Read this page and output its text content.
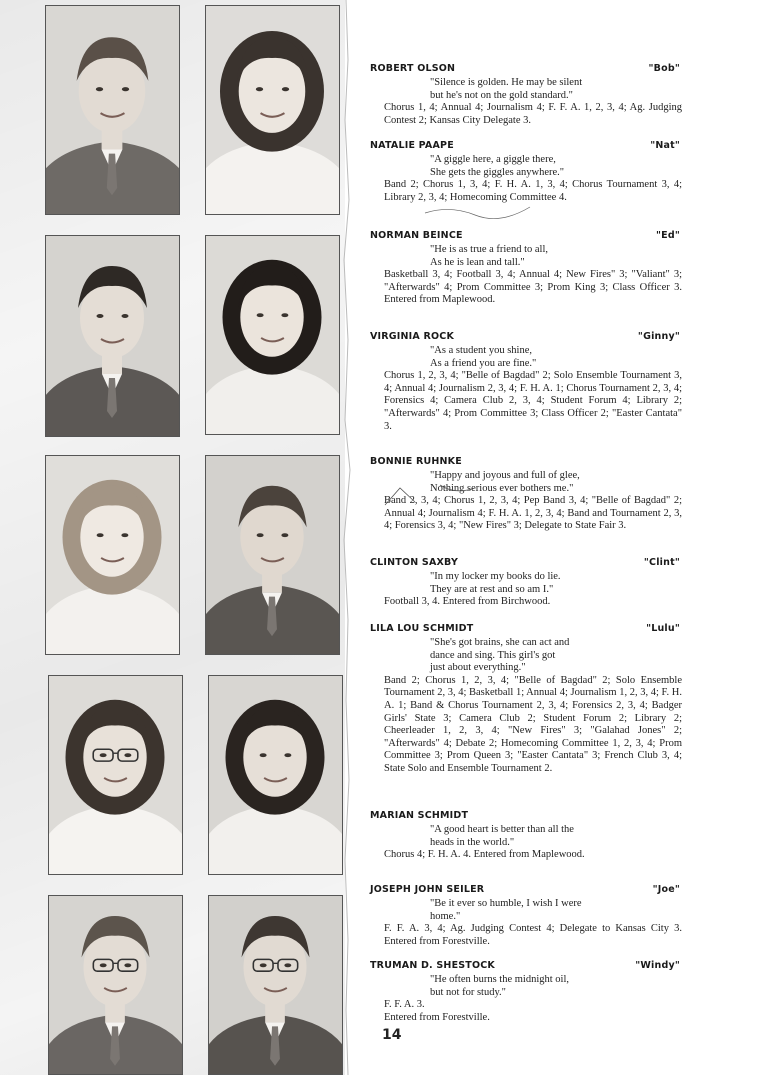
ROBERT OLSON	"Bob"
"Silence is golden. He may be silent
but he's not on the gold standard."
Chorus 1, 4; Annual 4; Journalism 4; F. F. A. 1, 2, 3, 4; Ag. Judging Contest 2; Kansas City Delegate 3.
NATALIE PAAPE	"Nat"
"A giggle here, a giggle there,
She gets the giggles anywhere."
Band 2; Chorus 1, 3, 4; F. H. A. 1, 3, 4; Chorus Tournament 3, 4; Library 2, 3, 4; Homecoming Committee 4.
NORMAN BEINCE	"Ed"
"He is as true a friend to all,
As he is lean and tall."
Basketball 3, 4; Football 3, 4; Annual 4; New Fires" 3; "Valiant" 3; "Afterwards" 4; Prom Committee 3; Prom King 3; Class Officer 3. Entered from Maplewood.
VIRGINIA ROCK	"Ginny"
"As a student you shine,
As a friend you are fine."
Chorus 1, 2, 3, 4; "Belle of Bagdad" 2; Solo Ensemble Tournament 3, 4; Annual 4; Journalism 2, 3, 4; F. H. A. 1; Chorus Tournament 2, 3, 4; Forensics 4; Camera Club 2, 3, 4; Student Forum 4; Library 2; "Afterwards" 4; Prom Committee 3; Class Officer 2; "Easter Cantata" 3.
BONNIE RUHNKE
"Happy and joyous and full of glee,
Nothing serious ever bothers me."
Band 2, 3, 4; Chorus 1, 2, 3, 4; Pep Band 3, 4; "Belle of Bagdad" 2; Annual 4; Journalism 4; F. H. A. 1, 2, 3, 4; Band and Tournament 2, 3, 4; Forensics 3, 4; "New Fires" 3; Delegate to State Fair 3.
CLINTON SAXBY	"Clint"
"In my locker my books do lie.
They are at rest and so am I."
Football 3, 4. Entered from Birchwood.
LILA LOU SCHMIDT	"Lulu"
"She's got brains, she can act and
dance and sing. This girl's got
just about everything."
Band 2; Chorus 1, 2, 3, 4; "Belle of Bagdad" 2; Solo Ensemble Tournament 2, 3, 4; Basketball 1; Annual 4; Journalism 1, 2, 3, 4; F. H. A. 1; Band & Chorus Tournament 2, 3, 4; Forensics 2, 3, 4; Badger Girls' State 3; Camera Club 2; Student Forum 2; Library 2; Cheerleader 1, 2, 3, 4; "New Fires" 3; "Galahad Jones" 2; "Afterwards" 4; Debate 2; Homecoming Committee 1, 2, 3, 4; Prom Committee 3; Prom Queen 3; "Easter Cantata" 3; French Club 3, 4; State Solo and Ensemble Tournament 2.
MARIAN SCHMIDT
"A good heart is better than all the
heads in the world."
Chorus 4; F. H. A. 4. Entered from Maplewood.
JOSEPH JOHN SEILER	"Joe"
"Be it ever so humble, I wish I were
home."
F. F. A. 3, 4; Ag. Judging Contest 4; Delegate to Kansas City 3. Entered from Forestville.
TRUMAN D. SHESTOCK	"Windy"
"He often burns the midnight oil,
but not for study."
F. F. A. 3.
Entered from Forestville.
14
